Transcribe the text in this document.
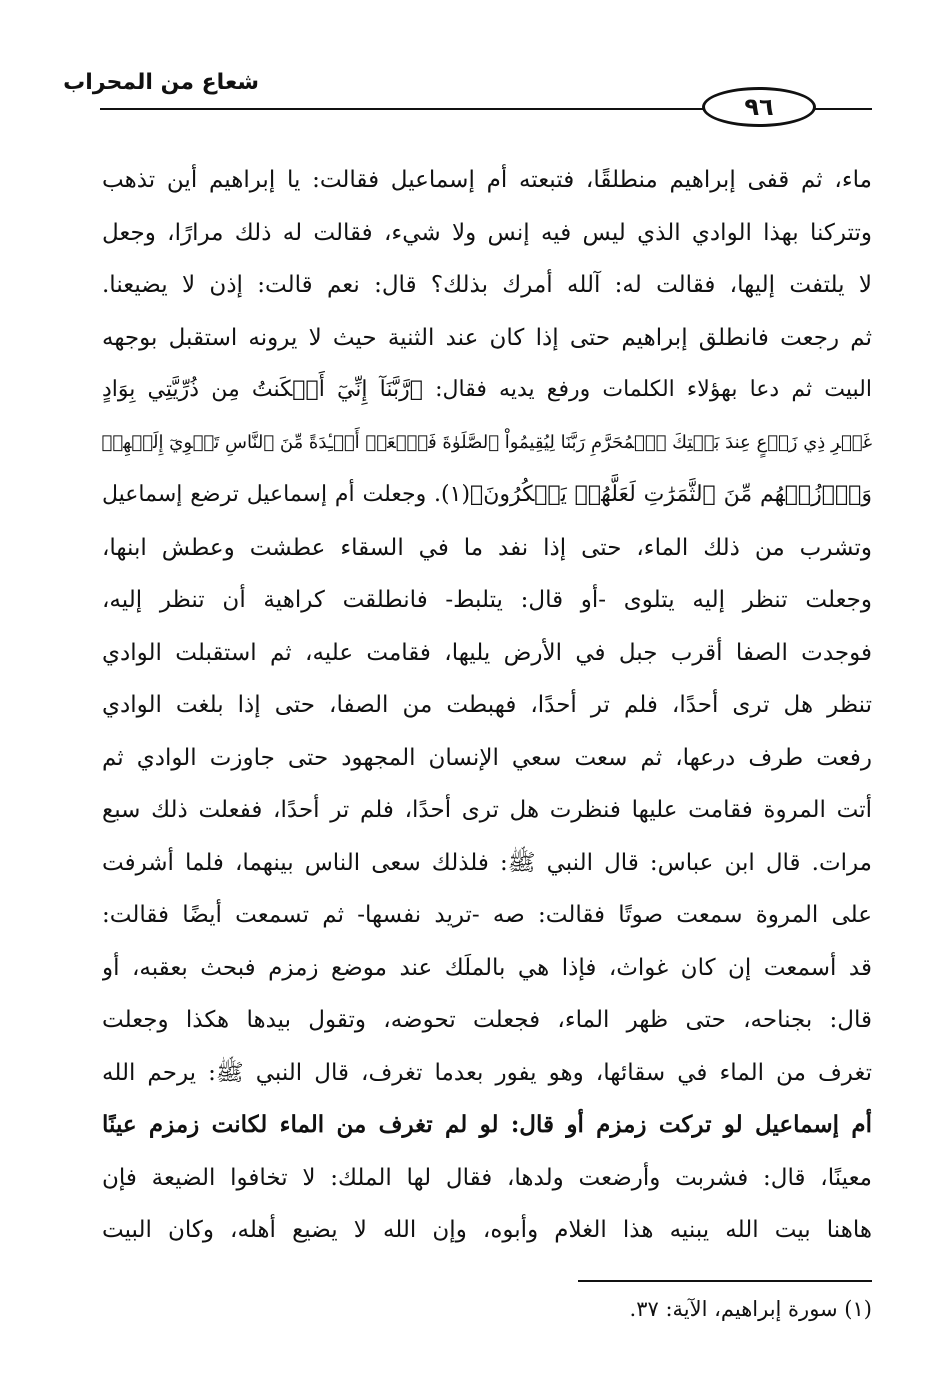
شعاع من المحراب
٩٦
ماء، ثم قفى إبراهيم منطلقًا، فتبعته أم إسماعيل فقالت: يا إبراهيم أين تذهب
وتتركنا بهذا الوادي الذي ليس فيه إنس ولا شيء، فقالت له ذلك مرارًا، وجعل
لا يلتفت إليها، فقالت له: آلله أمرك بذلك؟ قال: نعم قالت: إذن لا يضيعنا.
ثم رجعت فانطلق إبراهيم حتى إذا كان عند الثنية حيث لا يرونه استقبل بوجهه
البيت ثم دعا بهؤلاء الكلمات ورفع يديه فقال: ﴿رَّبَّنَآ إِنِّيٓ أَسۡكَنتُ مِن ذُرِّيَّتِي بِوَادٍ
غَيۡرِ ذِي زَرۡعٍ عِندَ بَيۡتِكَ ٱلۡمُحَرَّمِ رَبَّنَا لِيُقِيمُواْ ٱلصَّلَوٰةَ فَٱجۡعَلۡ أَفۡـِٔدَةً مِّنَ ٱلنَّاسِ تَهۡوِيٓ إِلَيۡهِمۡ
وَٱرۡزُقۡهُم مِّنَ ٱلثَّمَرَٰتِ لَعَلَّهُمۡ يَشۡكُرُونَ﴾(١). وجعلت أم إسماعيل ترضع إسماعيل
وتشرب من ذلك الماء، حتى إذا نفد ما في السقاء عطشت وعطش ابنها،
وجعلت تنظر إليه يتلوى -أو قال: يتلبط- فانطلقت كراهية أن تنظر إليه،
فوجدت الصفا أقرب جبل في الأرض يليها، فقامت عليه، ثم استقبلت الوادي
تنظر هل ترى أحدًا، فلم تر أحدًا، فهبطت من الصفا، حتى إذا بلغت الوادي
رفعت طرف درعها، ثم سعت سعي الإنسان المجهود حتى جاوزت الوادي ثم
أتت المروة فقامت عليها فنظرت هل ترى أحدًا، فلم تر أحدًا، ففعلت ذلك سبع
مرات. قال ابن عباس: قال النبي ﷺ: فلذلك سعى الناس بينهما، فلما أشرفت
على المروة سمعت صوتًا فقالت: صه -تريد نفسها- ثم تسمعت أيضًا فقالت:
قد أسمعت إن كان غواث، فإذا هي بالملَك عند موضع زمزم فبحث بعقبه، أو
قال: بجناحه، حتى ظهر الماء، فجعلت تحوضه، وتقول بيدها هكذا وجعلت
تغرف من الماء في سقائها، وهو يفور بعدما تغرف، قال النبي ﷺ: يرحم الله
أم إسماعيل لو تركت زمزم أو قال: لو لم تغرف من الماء لكانت زمزم عينًا
معينًا، قال: فشربت وأرضعت ولدها، فقال لها الملك: لا تخافوا الضيعة فإن
هاهنا بيت الله يبنيه هذا الغلام وأبوه، وإن الله لا يضيع أهله، وكان البيت
(١) سورة إبراهيم، الآية: ٣٧.
